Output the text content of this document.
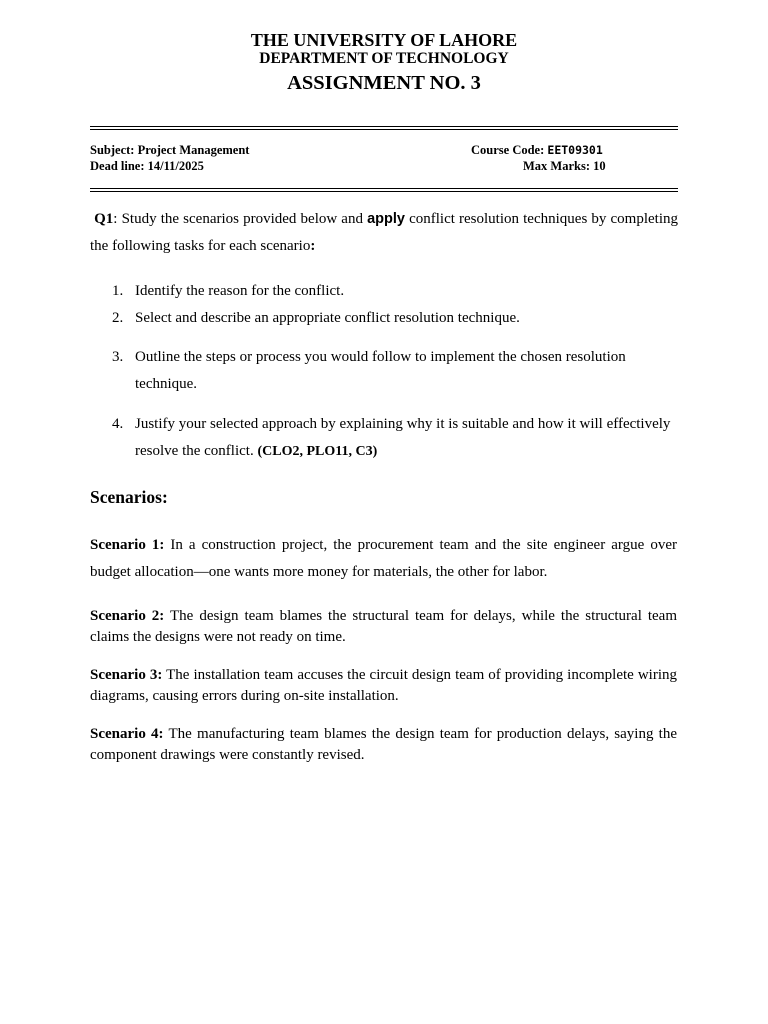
THE UNIVERSITY OF LAHORE
DEPARTMENT OF TECHNOLOGY
ASSIGNMENT NO. 3
Subject: Project Management
Dead line: 14/11/2025
Course Code: EET09301
Max Marks: 10
Q1: Study the scenarios provided below and apply conflict resolution techniques by completing the following tasks for each scenario:
1. Identify the reason for the conflict.
2. Select and describe an appropriate conflict resolution technique.
3. Outline the steps or process you would follow to implement the chosen resolution technique.
4. Justify your selected approach by explaining why it is suitable and how it will effectively resolve the conflict. (CLO2, PLO11, C3)
Scenarios:
Scenario 1: In a construction project, the procurement team and the site engineer argue over budget allocation—one wants more money for materials, the other for labor.
Scenario 2: The design team blames the structural team for delays, while the structural team claims the designs were not ready on time.
Scenario 3: The installation team accuses the circuit design team of providing incomplete wiring diagrams, causing errors during on-site installation.
Scenario 4: The manufacturing team blames the design team for production delays, saying the component drawings were constantly revised.
